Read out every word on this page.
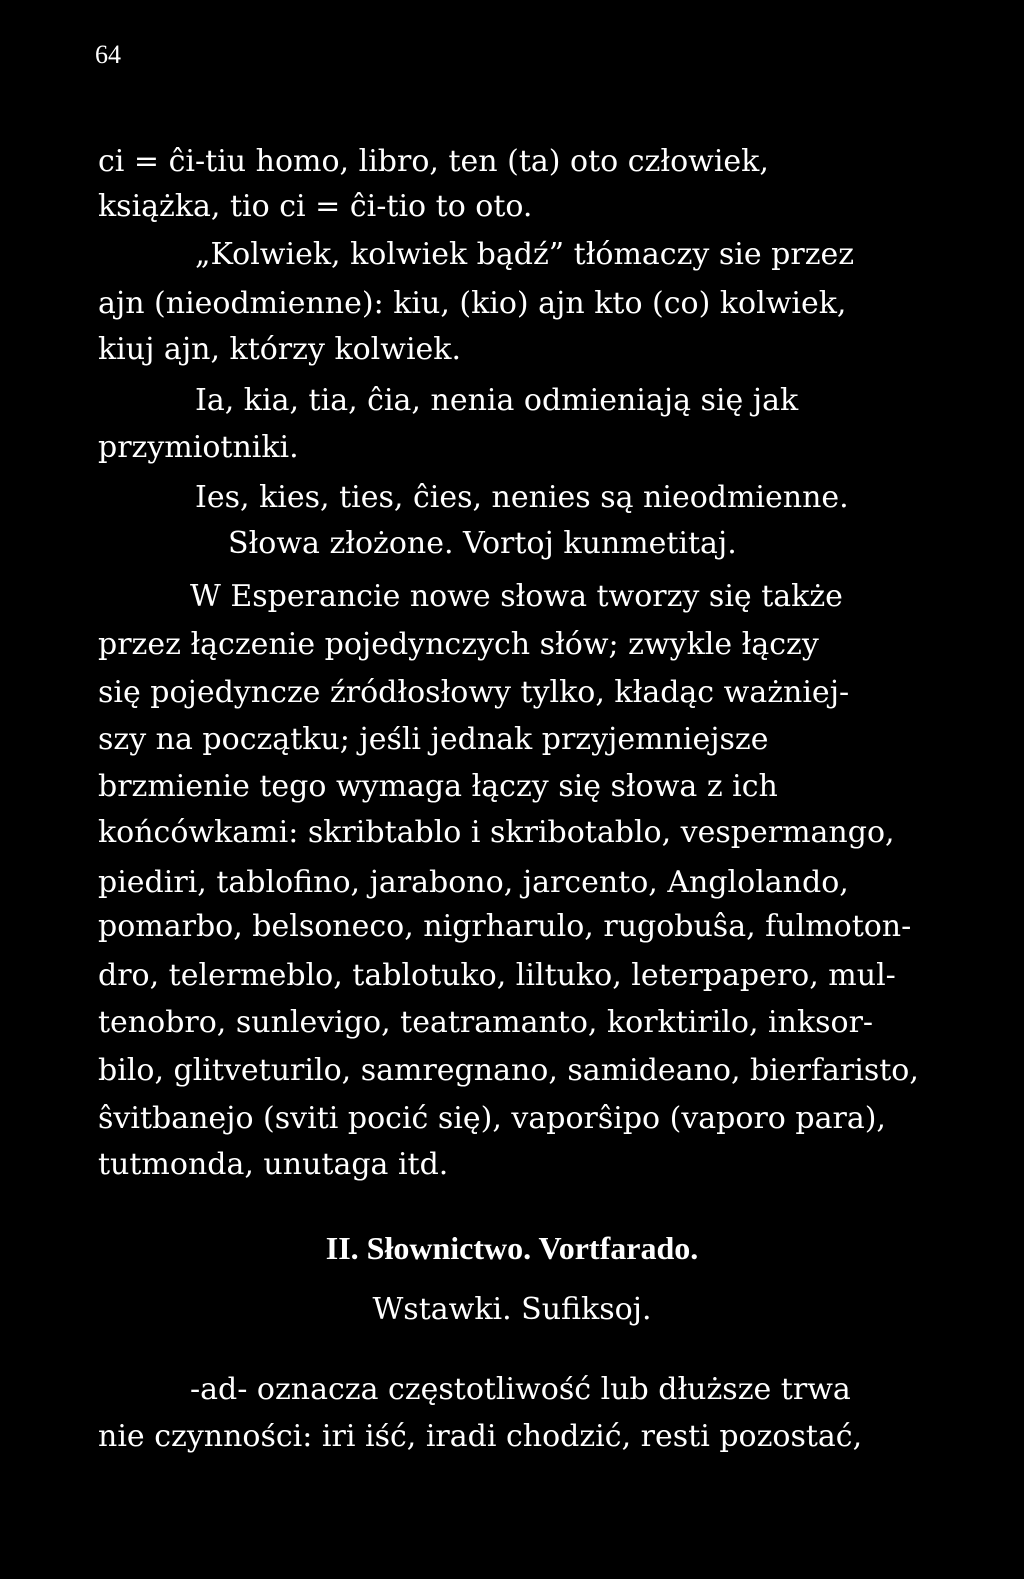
64
ci = ĉi-tiu homo, libro, ten (ta) oto człowiek,
książka, tio ci = ĉi-tio to oto.
„Kolwiek, kolwiek bądź” tłómaczy sie przez
ajn (nieodmienne): kiu, (kio) ajn kto (co) kolwiek,
kiuj ajn, którzy kolwiek.
Ia, kia, tia, ĉia, nenia odmieniają się jak
przymiotniki.
Ies, kies, ties, ĉies, nenies są nieodmienne.
Słowa złożone. Vortoj kunmetitaj.
W Esperancie nowe słowa tworzy się także
przez łączenie pojedynczych słów; zwykle łączy
się pojedyncze źródłosłowy tylko, kładąc ważniej-
szy na początku; jeśli jednak przyjemniejsze
brzmienie tego wymaga łączy się słowa z ich
końcówkami: skribtablo i skribotablo, vespermango,
piediri, tablofino, jarabono, jarcento, Anglolando,
pomarbo, belsoneco, nigrharulo, rugobuŝa, fulmoton-
dro, telermeblo, tablotuko, liltuko, leterpapero, mul-
tenobro, sunlevigo, teatramanto, korktirilo, inksor-
bilo, glitveturilo, samregnano, samideano, bierfaristo,
ŝvitbanejo (sviti pocić się), vaporŝipo (vaporo para),
tutmonda, unutaga itd.
II. Słownictwo. Vortfarado.
Wstawki. Sufiksoj.
-ad- oznacza częstotliwość lub dłuższe trwa
nie czynności: iri iść, iradi chodzić, resti pozostać,
